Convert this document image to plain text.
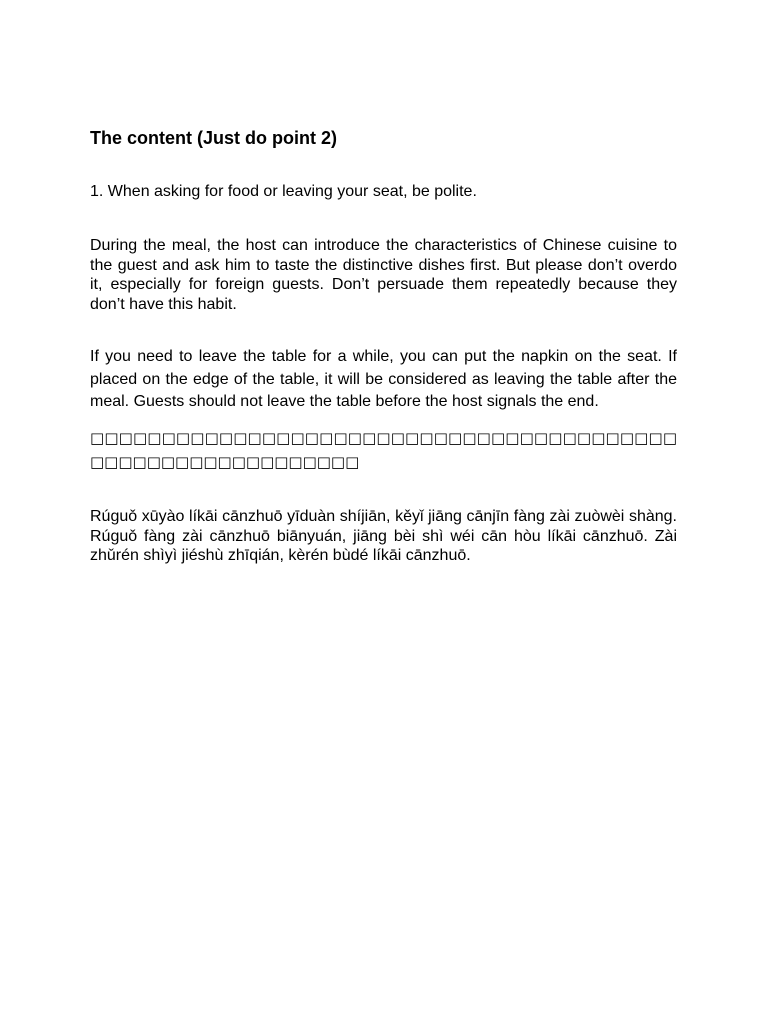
The content (Just do point 2)

1. When asking for food or leaving your seat, be polite.

During the meal, the host can introduce the characteristics of Chinese cuisine to the guest and ask him to taste the distinctive dishes first. But please don’t overdo it, especially for foreign guests. Don’t persuade them repeatedly because they don’t have this habit.

If you need to leave the table for a while, you can put the napkin on the seat. If placed on the edge of the table, it will be considered as leaving the table after the meal. Guests should not leave the table before the host signals the end.

□□□□□□□□□□□□□□□□□□□□□□□□□□□□□□□□□□□□□□□□□□□□□□□□□□□□□□□□□□□□

Rúguǒ xūyào líkāi cānzhuō yīduàn shíjiān, kěyǐ jiāng cānjīn fàng zài zuòwèi shàng. Rúguǒ fàng zài cānzhuō biānyuán, jiāng bèi shì wéi cān hòu líkāi cānzhuō. Zài zhǔrén shìyì jiéshù zhīqián, kèrén bùdé líkāi cānzhuō.
